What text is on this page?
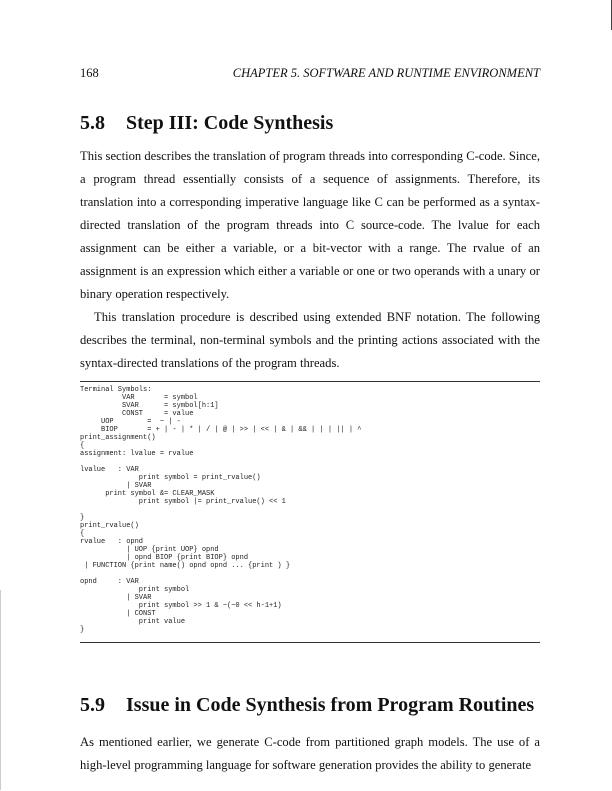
168	CHAPTER 5. SOFTWARE AND RUNTIME ENVIRONMENT
5.8 Step III: Code Synthesis

This section describes the translation of program threads into corresponding C-code. Since, a program thread essentially consists of a sequence of assignments. Therefore, its translation into a corresponding imperative language like C can be performed as a syntax-directed translation of the program threads into C source-code. The lvalue for each assignment can be either a variable, or a bit-vector with a range. The rvalue of an assignment is an expression which either a variable or one or two operands with a unary or binary operation respectively.

This translation procedure is described using extended BNF notation. The following describes the terminal, non-terminal symbols and the printing actions associated with the syntax-directed translations of the program threads.

Terminal Symbols:
VAR       = symbol
SVAR      = symbol[h:1]
CONST     = value
UOP        =  ~ | -
BIOP       = + | - | * | / | @ | >> | << | & | && | | | || | ^
print_assignment()
{
assignment: lvalue = rvalue

lvalue   : VAR
print symbol = print_rvalue()
| SVAR
print symbol &= CLEAR_MASK
print symbol |= print_rvalue() << 1

}
print_rvalue()
{
rvalue   : opnd
| UOP {print UOP} opnd
| opnd BIOP {print BIOP} opnd
| FUNCTION {print name() opnd opnd ... {print ) }

opnd     : VAR
print symbol
| SVAR
print symbol >> 1 & ~(~0 << h-1+1)
| CONST
print value
}
5.9 Issue in Code Synthesis from Program Routines

As mentioned earlier, we generate C-code from partitioned graph models. The use of a high-level programming language for software generation provides the ability to generate
